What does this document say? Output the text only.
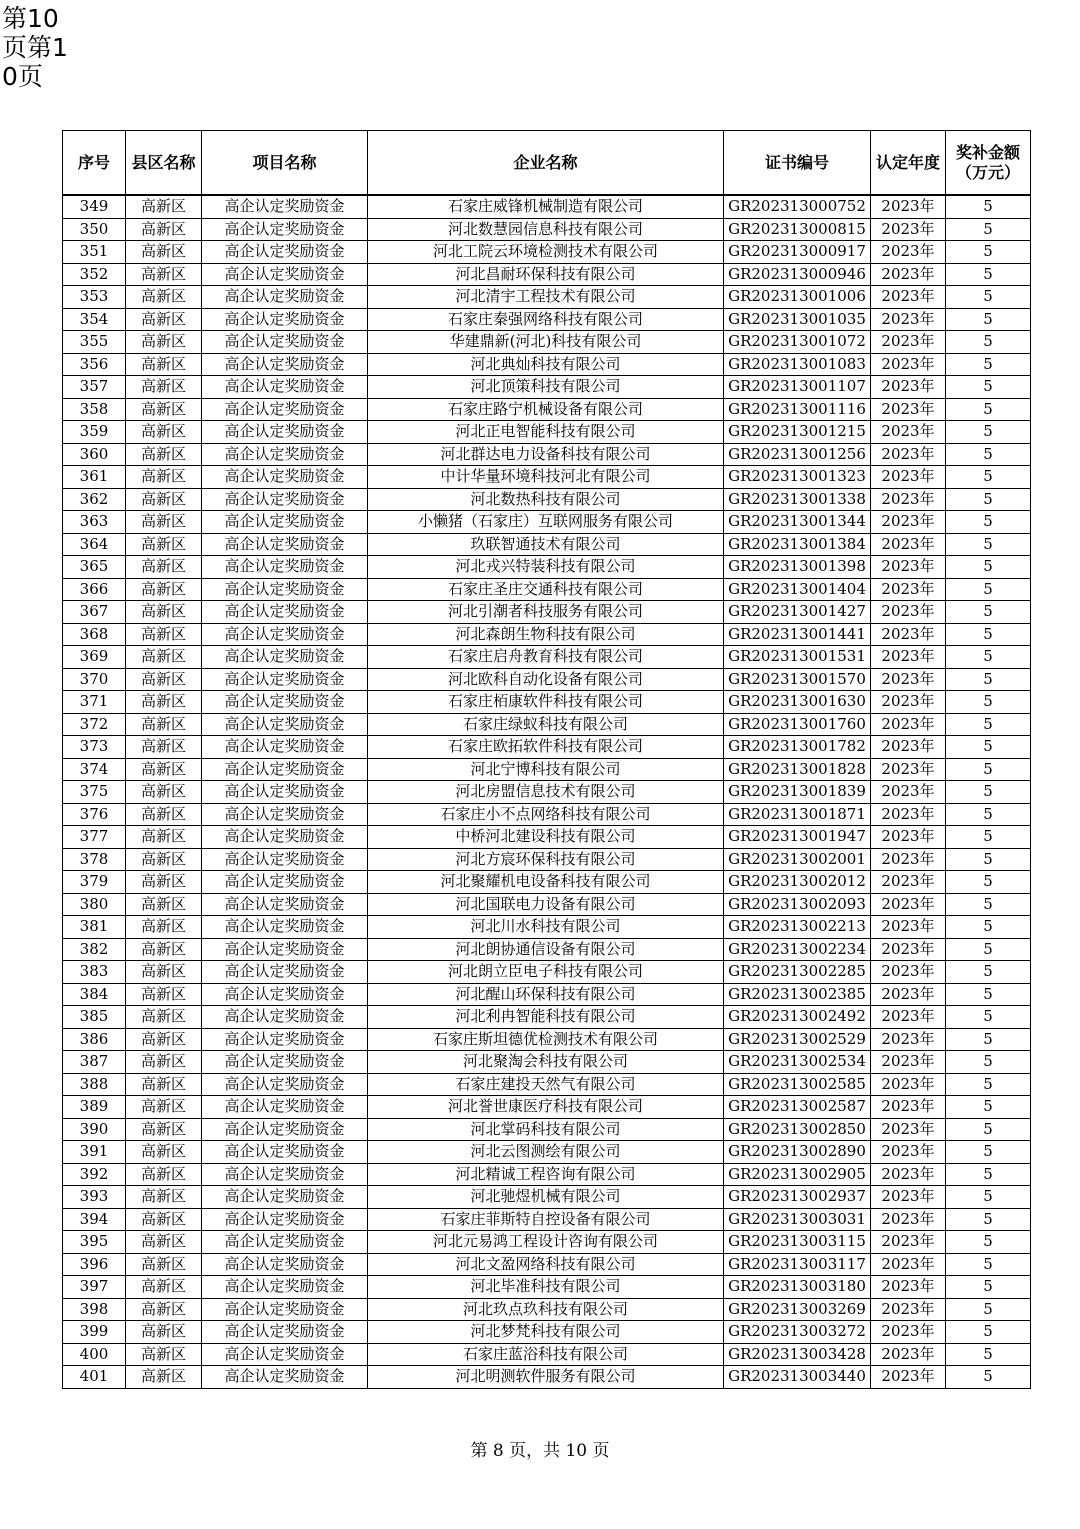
第10页第10页
序号	县区名称	项目名称	企业名称	证书编号	认定年度	奖补金额（万元）
349	高新区	高企认定奖励资金	石家庄威锋机械制造有限公司	GR202313000752	2023年	5
350	高新区	高企认定奖励资金	河北数慧园信息科技有限公司	GR202313000815	2023年	5
351	高新区	高企认定奖励资金	河北工院云环境检测技术有限公司	GR202313000917	2023年	5
352	高新区	高企认定奖励资金	河北昌耐环保科技有限公司	GR202313000946	2023年	5
353	高新区	高企认定奖励资金	河北清宇工程技术有限公司	GR202313001006	2023年	5
354	高新区	高企认定奖励资金	石家庄秦强网络科技有限公司	GR202313001035	2023年	5
355	高新区	高企认定奖励资金	华建鼎新(河北)科技有限公司	GR202313001072	2023年	5
356	高新区	高企认定奖励资金	河北典灿科技有限公司	GR202313001083	2023年	5
357	高新区	高企认定奖励资金	河北顶策科技有限公司	GR202313001107	2023年	5
358	高新区	高企认定奖励资金	石家庄路宁机械设备有限公司	GR202313001116	2023年	5
359	高新区	高企认定奖励资金	河北正电智能科技有限公司	GR202313001215	2023年	5
360	高新区	高企认定奖励资金	河北群达电力设备科技有限公司	GR202313001256	2023年	5
361	高新区	高企认定奖励资金	中计华量环境科技河北有限公司	GR202313001323	2023年	5
362	高新区	高企认定奖励资金	河北数热科技有限公司	GR202313001338	2023年	5
363	高新区	高企认定奖励资金	小懒猪（石家庄）互联网服务有限公司	GR202313001344	2023年	5
364	高新区	高企认定奖励资金	玖联智通技术有限公司	GR202313001384	2023年	5
365	高新区	高企认定奖励资金	河北戎兴特装科技有限公司	GR202313001398	2023年	5
366	高新区	高企认定奖励资金	石家庄圣庄交通科技有限公司	GR202313001404	2023年	5
367	高新区	高企认定奖励资金	河北引潮者科技服务有限公司	GR202313001427	2023年	5
368	高新区	高企认定奖励资金	河北森朗生物科技有限公司	GR202313001441	2023年	5
369	高新区	高企认定奖励资金	石家庄启舟教育科技有限公司	GR202313001531	2023年	5
370	高新区	高企认定奖励资金	河北欧科自动化设备有限公司	GR202313001570	2023年	5
371	高新区	高企认定奖励资金	石家庄栢康软件科技有限公司	GR202313001630	2023年	5
372	高新区	高企认定奖励资金	石家庄绿蚁科技有限公司	GR202313001760	2023年	5
373	高新区	高企认定奖励资金	石家庄欧拓软件科技有限公司	GR202313001782	2023年	5
374	高新区	高企认定奖励资金	河北宁博科技有限公司	GR202313001828	2023年	5
375	高新区	高企认定奖励资金	河北房盟信息技术有限公司	GR202313001839	2023年	5
376	高新区	高企认定奖励资金	石家庄小不点网络科技有限公司	GR202313001871	2023年	5
377	高新区	高企认定奖励资金	中桥河北建设科技有限公司	GR202313001947	2023年	5
378	高新区	高企认定奖励资金	河北方宸环保科技有限公司	GR202313002001	2023年	5
379	高新区	高企认定奖励资金	河北聚耀机电设备科技有限公司	GR202313002012	2023年	5
380	高新区	高企认定奖励资金	河北国联电力设备有限公司	GR202313002093	2023年	5
381	高新区	高企认定奖励资金	河北川水科技有限公司	GR202313002213	2023年	5
382	高新区	高企认定奖励资金	河北朗协通信设备有限公司	GR202313002234	2023年	5
383	高新区	高企认定奖励资金	河北朗立臣电子科技有限公司	GR202313002285	2023年	5
384	高新区	高企认定奖励资金	河北醒山环保科技有限公司	GR202313002385	2023年	5
385	高新区	高企认定奖励资金	河北利冉智能科技有限公司	GR202313002492	2023年	5
386	高新区	高企认定奖励资金	石家庄斯坦德优检测技术有限公司	GR202313002529	2023年	5
387	高新区	高企认定奖励资金	河北聚淘会科技有限公司	GR202313002534	2023年	5
388	高新区	高企认定奖励资金	石家庄建投天然气有限公司	GR202313002585	2023年	5
389	高新区	高企认定奖励资金	河北誉世康医疗科技有限公司	GR202313002587	2023年	5
390	高新区	高企认定奖励资金	河北掌码科技有限公司	GR202313002850	2023年	5
391	高新区	高企认定奖励资金	河北云图测绘有限公司	GR202313002890	2023年	5
392	高新区	高企认定奖励资金	河北精诚工程咨询有限公司	GR202313002905	2023年	5
393	高新区	高企认定奖励资金	河北驰煜机械有限公司	GR202313002937	2023年	5
394	高新区	高企认定奖励资金	石家庄菲斯特自控设备有限公司	GR202313003031	2023年	5
395	高新区	高企认定奖励资金	河北元易鸿工程设计咨询有限公司	GR202313003115	2023年	5
396	高新区	高企认定奖励资金	河北文盈网络科技有限公司	GR202313003117	2023年	5
397	高新区	高企认定奖励资金	河北毕准科技有限公司	GR202313003180	2023年	5
398	高新区	高企认定奖励资金	河北玖点玖科技有限公司	GR202313003269	2023年	5
399	高新区	高企认定奖励资金	河北梦梵科技有限公司	GR202313003272	2023年	5
400	高新区	高企认定奖励资金	石家庄蓝浴科技有限公司	GR202313003428	2023年	5
401	高新区	高企认定奖励资金	河北明测软件服务有限公司	GR202313003440	2023年	5
第 8 页，共 10 页
